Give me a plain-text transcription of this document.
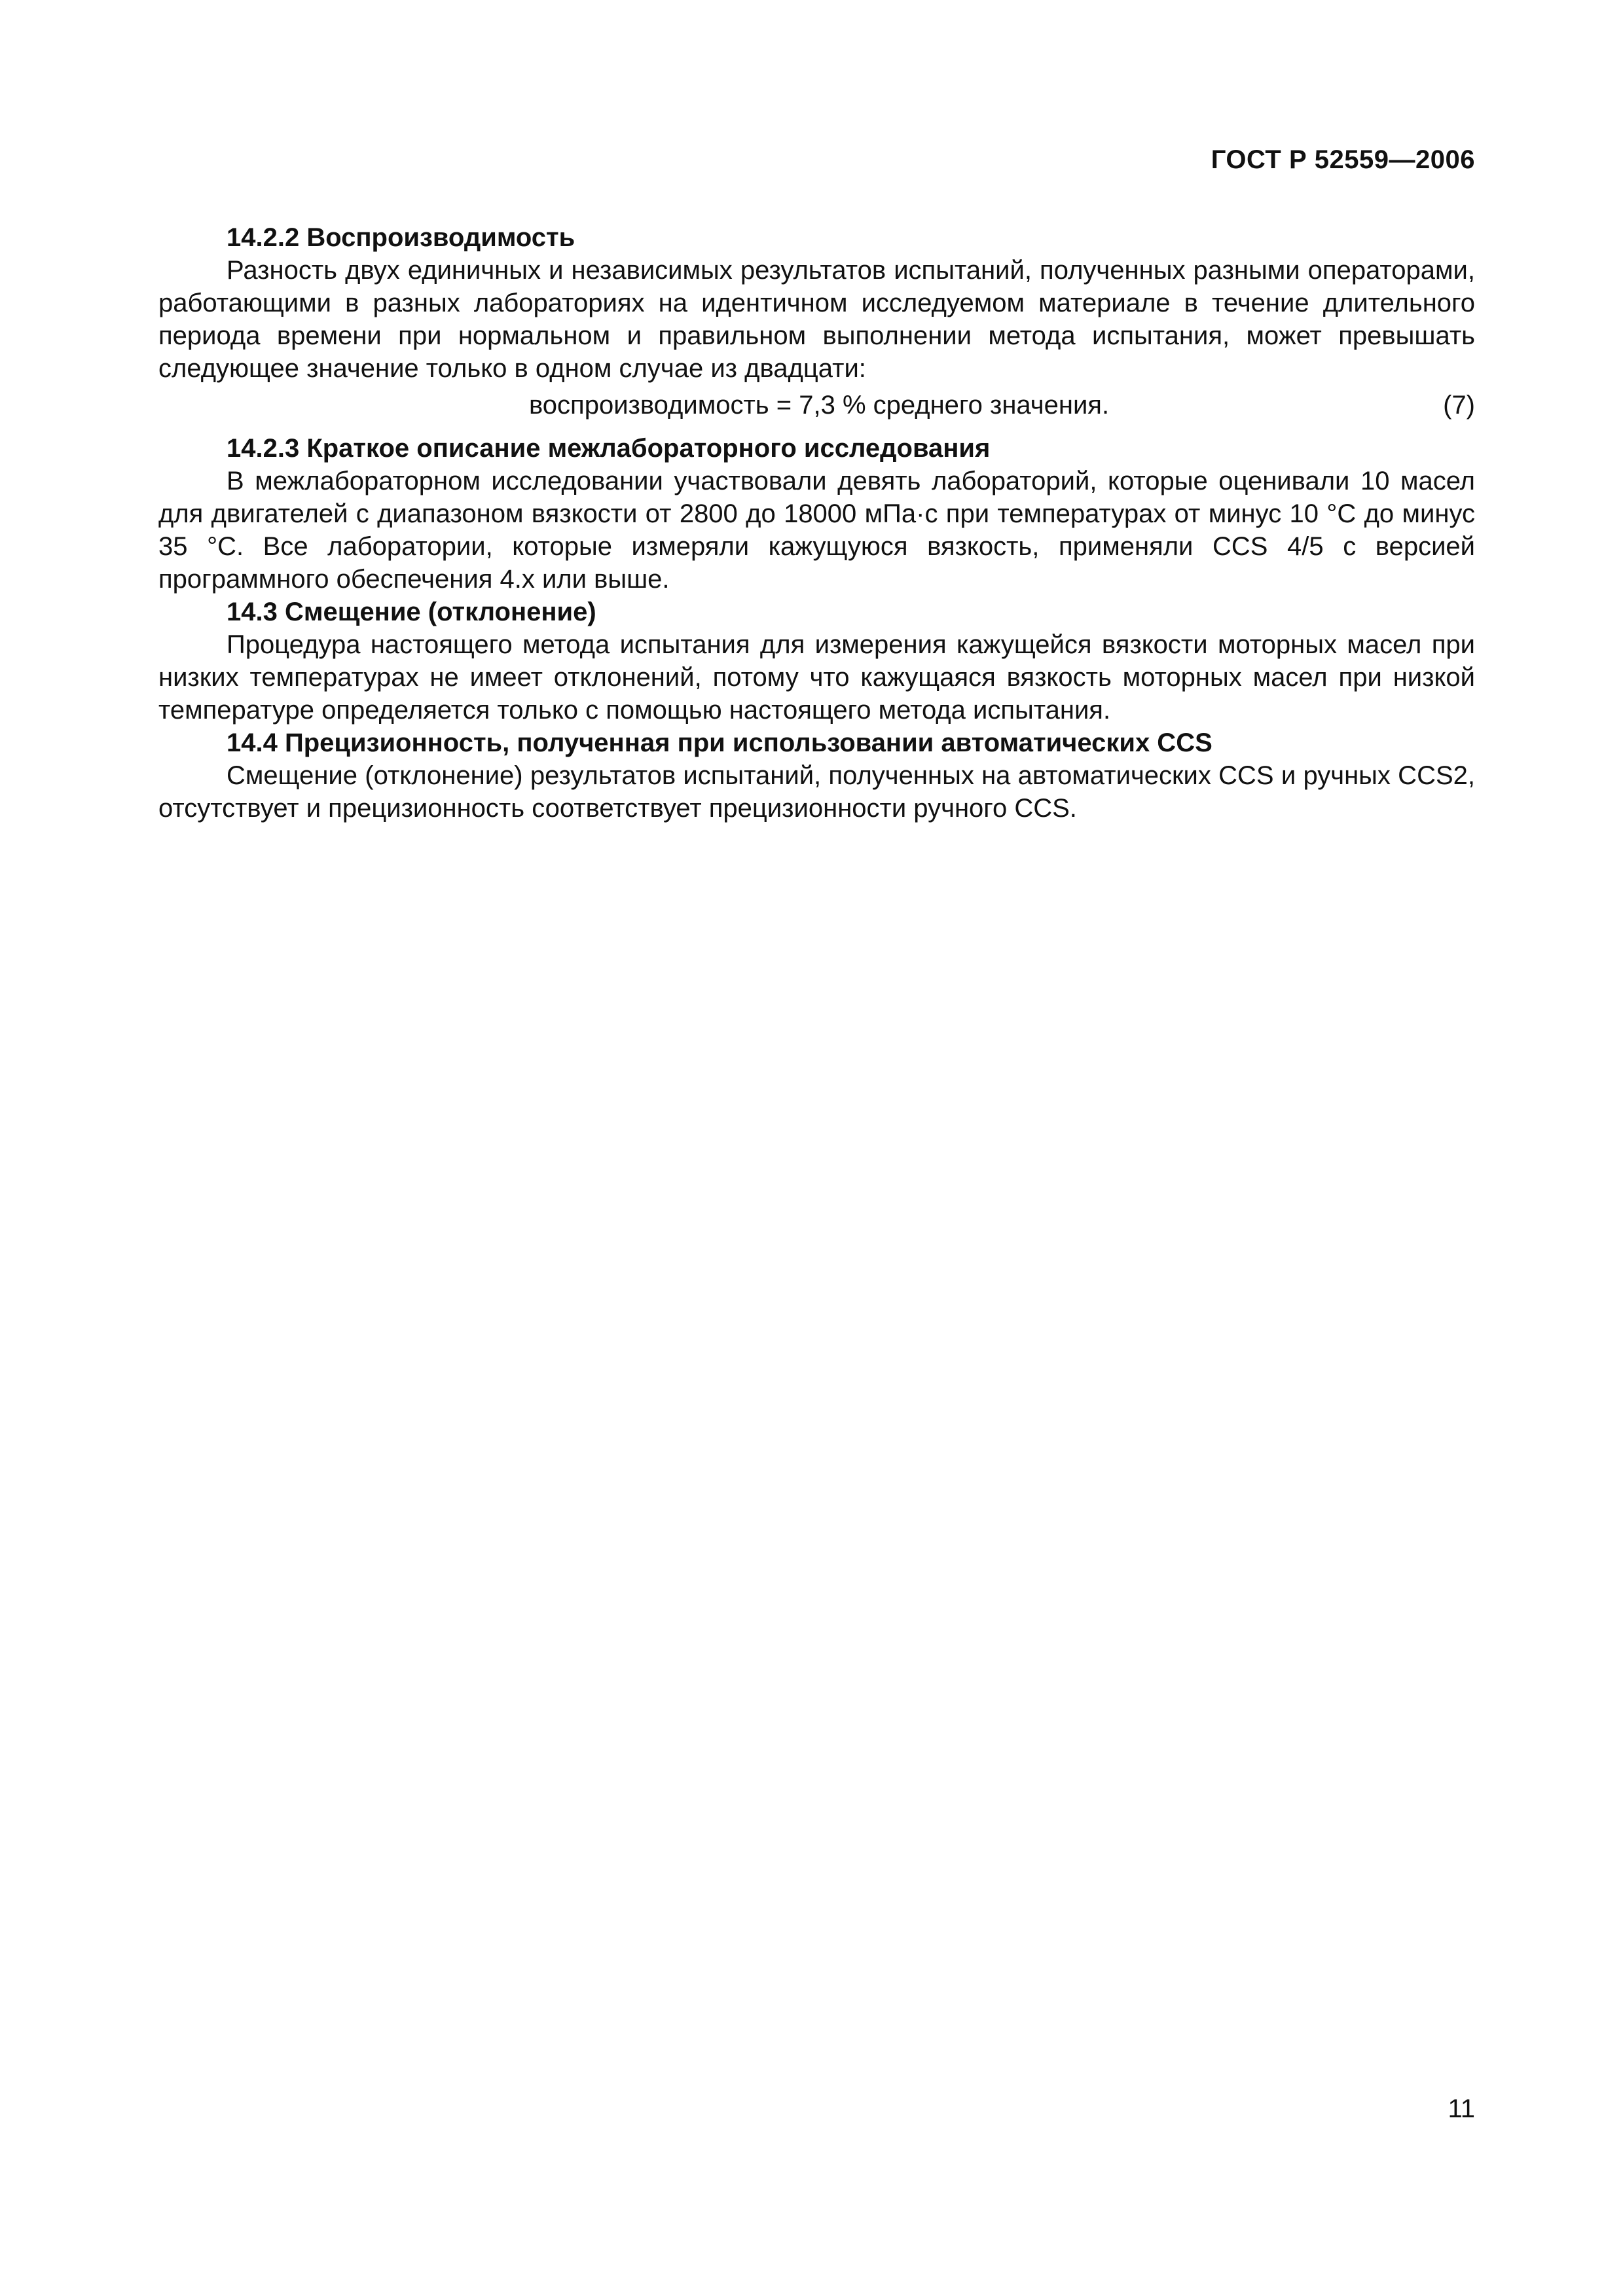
ГОСТ Р 52559—2006

14.2.2 Воспроизводимость

Разность двух единичных и независимых результатов испытаний, полученных разными операторами, работающими в разных лабораториях на идентичном исследуемом материале в течение длительного периода времени при нормальном и правильном выполнении метода испытания, может превышать следующее значение только в одном случае из двадцати:

воспроизводимость = 7,3 % среднего значения.	(7)

14.2.3 Краткое описание межлабораторного исследования

В межлабораторном исследовании участвовали девять лабораторий, которые оценивали 10 масел для двигателей с диапазоном вязкости от 2800 до 18000 мПа·с при температурах от минус 10 °С до минус 35 °С. Все лаборатории, которые измеряли кажущуюся вязкость, применяли CCS 4/5 с версией программного обеспечения 4.x или выше.

14.3 Смещение (отклонение)

Процедура настоящего метода испытания для измерения кажущейся вязкости моторных масел при низких температурах не имеет отклонений, потому что кажущаяся вязкость моторных масел при низкой температуре определяется только с помощью настоящего метода испытания.

14.4 Прецизионность, полученная при использовании автоматических CCS

Смещение (отклонение) результатов испытаний, полученных на автоматических CCS и ручных CCS2, отсутствует и прецизионность соответствует прецизионности ручного CCS.

11
